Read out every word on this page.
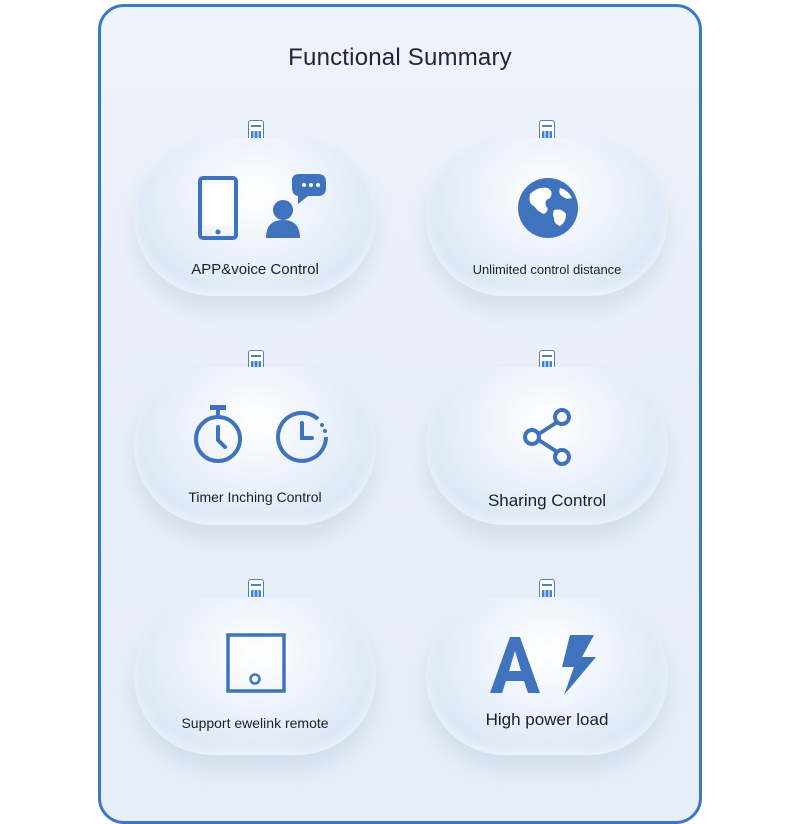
Functional Summary
APP&voice Control	Unlimited control distance
Timer Inching Control	Sharing Control
Support ewelink remote	High power load
